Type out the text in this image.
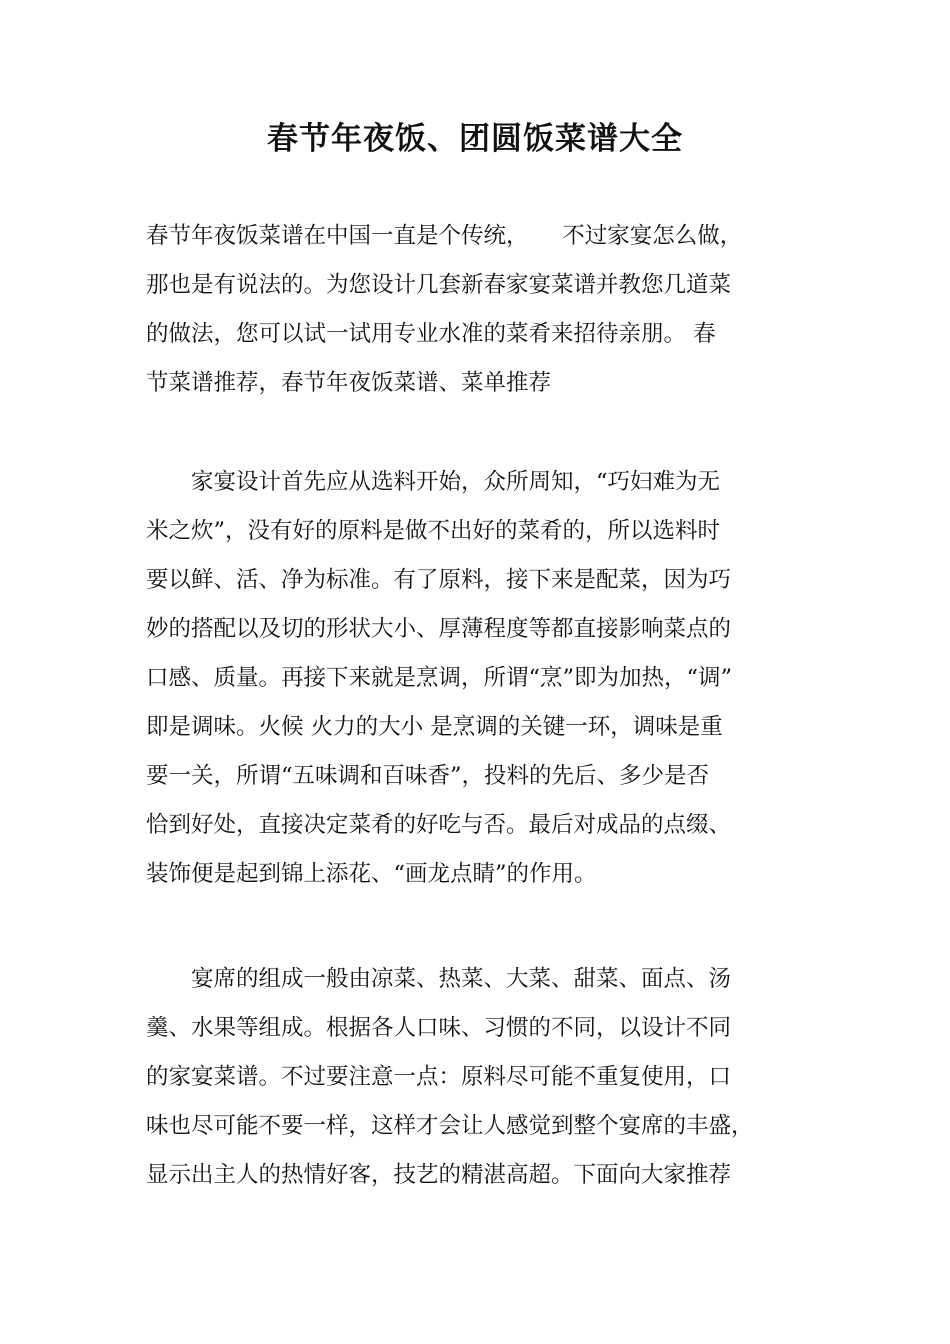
春节年夜饭、团圆饭菜谱大全
春节年夜饭菜谱在中国一直是个传统，　　不过家宴怎么做，
那也是有说法的。为您设计几套新春家宴菜谱并教您几道菜
的做法，您可以试一试用专业水准的菜肴来招待亲朋。 春
节菜谱推荐，春节年夜饭菜谱、菜单推荐
　　家宴设计首先应从选料开始，众所周知，“巧妇难为无
米之炊”，没有好的原料是做不出好的菜肴的，所以选料时
要以鲜、活、净为标准。有了原料，接下来是配菜，因为巧
妙的搭配以及切的形状大小、厚薄程度等都直接影响菜点的
口感、质量。再接下来就是烹调，所谓“烹”即为加热，“调”
即是调味。火候 火力的大小 是烹调的关键一环，调味是重
要一关，所谓“五味调和百味香”，投料的先后、多少是否
恰到好处，直接决定菜肴的好吃与否。最后对成品的点缀、
装饰便是起到锦上添花、“画龙点睛”的作用。
　　宴席的组成一般由凉菜、热菜、大菜、甜菜、面点、汤
羹、水果等组成。根据各人口味、习惯的不同，以设计不同
的家宴菜谱。不过要注意一点：原料尽可能不重复使用，口
味也尽可能不要一样，这样才会让人感觉到整个宴席的丰盛，
显示出主人的热情好客，技艺的精湛高超。下面向大家推荐
